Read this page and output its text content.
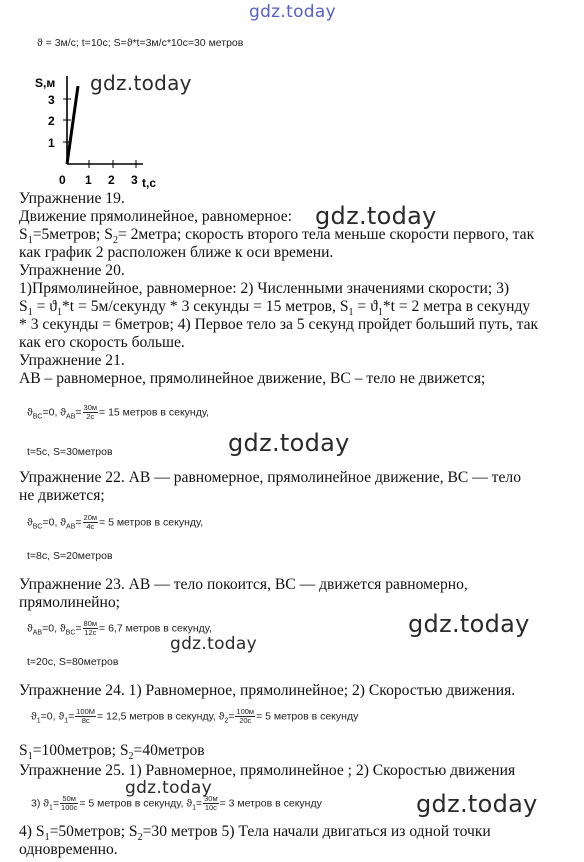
gdz.today
ϑ = 3м/с; t=10с; S=ϑ*t=3м/с*10с=30 метров
S,м
1
2
3
0 1 2 3 t,с
gdz.today
Упражнение 19.
Движение прямолинейное, равномерное: gdz.today
$S_1=5метров$; $S_2=$ 2метра; скорость второго тела меньше скорости первого, так
как график 2 расположен ближе к оси времени.
Упражнение 20.
1)Прямолинейное, равномерное: 2) Численными значениями скорости; 3)
$S_1 = ϑ_1*t$ = 5м/секунду * 3 секунды = 15 метров, $S_1 = ϑ_1*t = 2$ метра в секунду
* 3 секунды = 6метров; 4) Первое тело за 5 секунд пройдет больший путь, так
как его скорость больше.
Упражнение 21.
AB – равномерное, прямолинейное движение, BC – тело не движется;
$ϑ_{BC}=0$, $ϑ_{AB}= \frac{30м}{2с} = 15$ метров в секунду,
t=5с, S=30метров	gdz.today
Упражнение 22. AB — равномерное, прямолинейное движение, BC — тело
не движется;
$ϑ_{BC}=0$, $ϑ_{AB}= \frac{20м}{4с} = 5$ метров в секунду,
t=8с, S=20метров
Упражнение 23. AB — тело покоится, BC — движется равномерно,
прямолинейно;
$ϑ_{AB}=0$, $ϑ_{BC}= \frac{80м}{12с} = 6,7$ метров в секунду,	gdz.today
gdz.today
t=20с, S=80метров
Упражнение 24. 1) Равномерное, прямолинейное; 2) Скоростью движения.
$ϑ_1=0$, $ϑ_1= \frac{100М}{8с} = 12,5$ метров в секунду, $ϑ_2= \frac{100м}{20с} = 5$ метров в секунду
$S_1=100метров$; $S_2=40метров$
Упражнение 25. 1) Равномерное, прямолинейное ; 2) Скоростью движения
gdz.today
3) $ϑ_1= \frac{50м}{100с} = 5$ метров в секунду, $ϑ_1= \frac{30м}{10с} = 3$ метров в секунду	gdz.today
4) $S_1=50метров$; $S_2=30$ метров 5) Тела начали двигаться из одной точки
одновременно.
